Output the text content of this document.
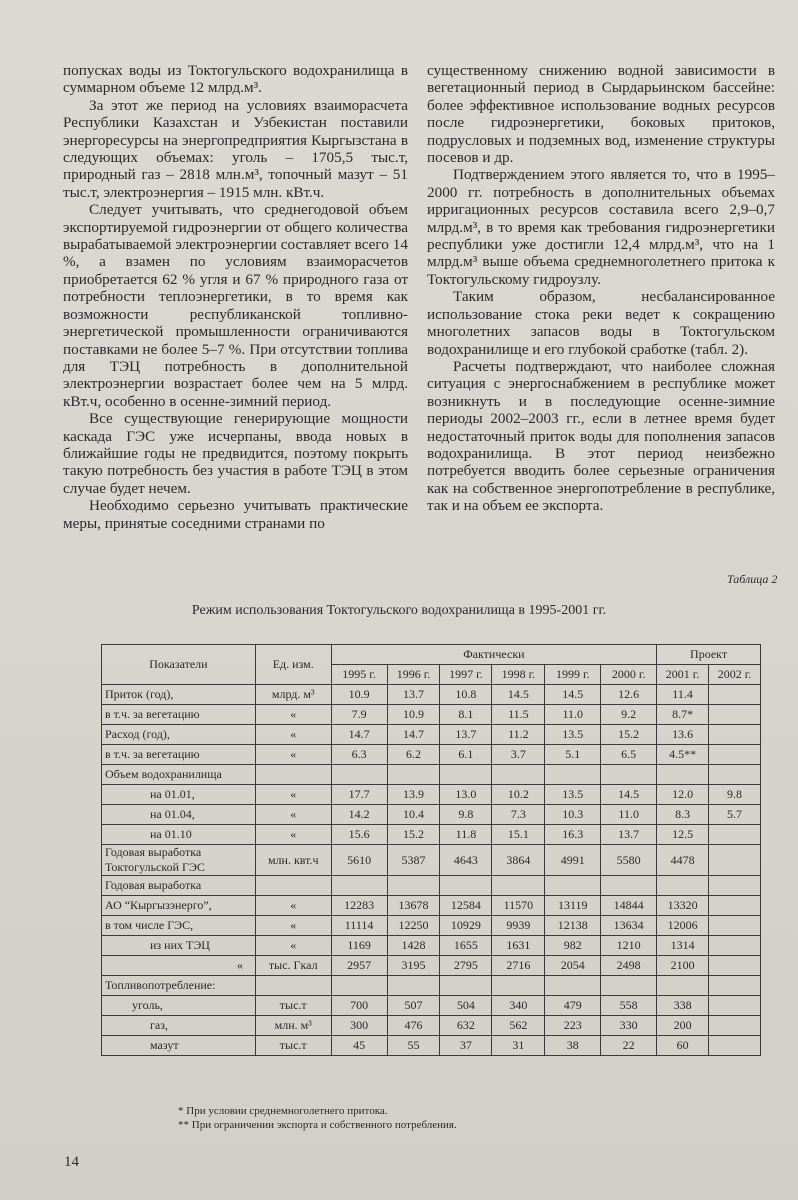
попусках воды из Токтогульского водохранилища в суммарном объеме 12 млрд.м³.

За этот же период на условиях взаиморасчета Республики Казахстан и Узбекистан поставили энергоресурсы на энергопредприятия Кыргызстана в следующих объемах: уголь – 1705,5 тыс.т, природный газ – 2818 млн.м³, топочный мазут – 51 тыс.т, электроэнергия – 1915 млн. кВт.ч.

Следует учитывать, что среднегодовой объем экспортируемой гидроэнергии от общего количества вырабатываемой электроэнергии составляет всего 14 %, а взамен по условиям взаиморасчетов приобретается 62 % угля и 67 % природного газа от потребности теплоэнергетики, в то время как возможности республиканской топливно-энергетической промышленности ограничиваются поставками не более 5–7 %. При отсутствии топлива для ТЭЦ потребность в дополнительной электроэнергии возрастает более чем на 5 млрд. кВт.ч, особенно в осенне-зимний период.

Все существующие генерирующие мощности каскада ГЭС уже исчерпаны, ввода новых в ближайшие годы не предвидится, поэтому покрыть такую потребность без участия в работе ТЭЦ в этом случае будет нечем.

Необходимо серьезно учитывать практические меры, принятые соседними странами по

существенному снижению водной зависимости в вегетационный период в Сырдарьинском бассейне: более эффективное использование водных ресурсов после гидроэнергетики, боковых притоков, подрусловых и подземных вод, изменение структуры посевов и др.

Подтверждением этого является то, что в 1995–2000 гг. потребность в дополнительных объемах ирригационных ресурсов составила всего 2,9–0,7 млрд.м³, в то время как требования гидроэнергетики республики уже достигли 12,4 млрд.м³, что на 1 млрд.м³ выше объема среднемноголетнего притока к Токтогульскому гидроузлу.

Таким образом, несбалансированное использование стока реки ведет к сокращению многолетних запасов воды в Токтогульском водохранилище и его глубокой сработке (табл. 2).

Расчеты подтверждают, что наиболее сложная ситуация с энергоснабжением в республике может возникнуть и в последующие осенне-зимние периоды 2002–2003 гг., если в летнее время будет недостаточный приток воды для пополнения запасов водохранилища. В этот период неизбежно потребуется вводить более серьезные ограничения как на собственное энергопотребление в республике, так и на объем ее экспорта.

Таблица 2
Режим использования Токтогульского водохранилища в 1995-2001 гг.
Показатели	Ед. изм.	Фактически						Проект	
		1995 г.	1996 г.	1997 г.	1998 г.	1999 г.	2000 г.	2001 г.	2002 г.

Приток (год),	млрд. м³	10.9	13.7	10.8	14.5	14.5	12.6	11.4	

в т.ч. за вегетацию	«	7.9	10.9	8.1	11.5	11.0	9.2	8.7*	

Расход (год),	«	14.7	14.7	13.7	11.2	13.5	15.2	13.6	

в т.ч. за вегетацию	«	6.3	6.2	6.1	3.7	5.1	6.5	4.5**	

Объем водохранилища									

на 01.01,	«	17.7	13.9	13.0	10.2	13.5	14.5	12.0	9.8

на 01.04,	«	14.2	10.4	9.8	7.3	10.3	11.0	8.3	5.7

на 01.10	«	15.6	15.2	11.8	15.1	16.3	13.7	12.5	

Годовая выработка
Токтогульской ГЭС	млн. квт.ч	5610	5387	4643	3864	4991	5580	4478	

Годовая выработка									

АО “Кыргызэнерго”,	«	12283	13678	12584	11570	13119	14844	13320	

в том числе ГЭС,	«	11114	12250	10929	9939	12138	13634	12006	

из них ТЭЦ	«	1169	1428	1655	1631	982	1210	1314	

«	тыс. Гкал	2957	3195	2795	2716	2054	2498	2100	

Топливопотребление:									

уголь,	тыс.т	700	507	504	340	479	558	338	

газ,	млн. м³	300	476	632	562	223	330	200	

мазут	тыс.т	45	55	37	31	38	22	60	
* При условии среднемноголетнего притока.
** При ограничении экспорта и собственного потребления.
14
